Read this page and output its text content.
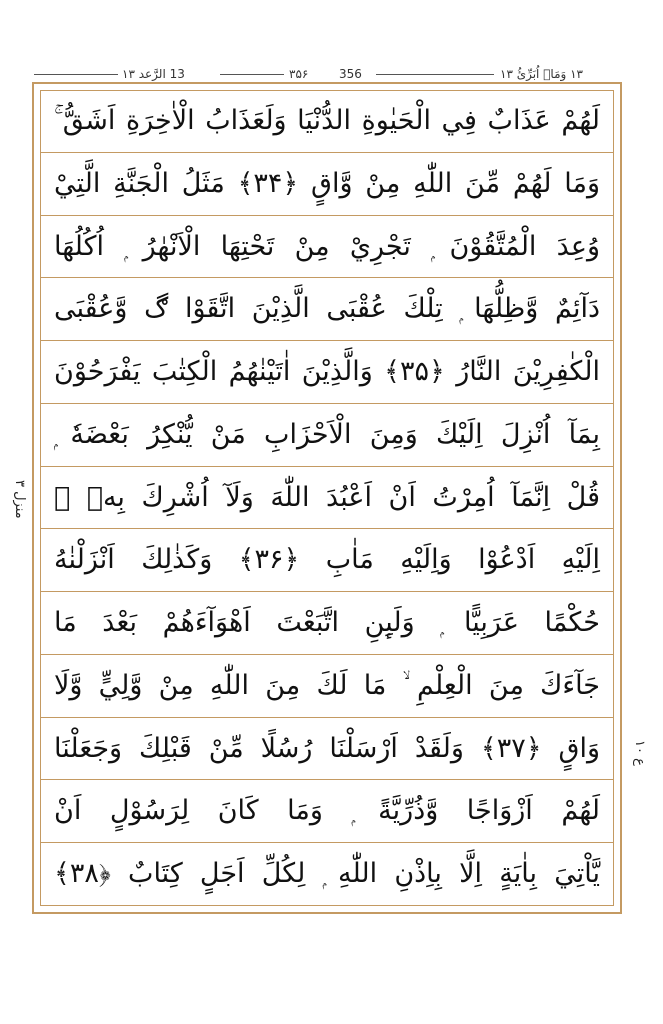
13 الرَّعد ۱۳	۳۵۶	356	۱۳ وَمَاۤ اُبَرِّئُ ۱۳
منزل ۳
ع ۱۰
لَهُمْ عَذَابٌ فِي الْحَيٰوةِ الدُّنْيَا وَلَعَذَابُ الْاٰخِرَةِ اَشَقُّ ۚ
وَمَا لَهُمْ مِّنَ اللّٰهِ مِنْ وَّاقٍ ﴿۳۴﴾ مَثَلُ الْجَنَّةِ الَّتِيْ
وُعِدَ الْمُتَّقُوْنَ ۭ تَجْرِيْ مِنْ تَحْتِهَا الْاَنْهٰرُ ۭ اُكُلُهَا
دَآئِمٌ وَّظِلُّهَا ۭ تِلْكَ عُقْبَى الَّذِيْنَ اتَّقَوْا ڰ وَّعُقْبَى
الْكٰفِرِيْنَ النَّارُ ﴿۳۵﴾ وَالَّذِيْنَ اٰتَيْنٰهُمُ الْكِتٰبَ يَفْرَحُوْنَ
بِمَآ اُنْزِلَ اِلَيْكَ وَمِنَ الْاَحْزَابِ مَنْ يُّنْكِرُ بَعْضَهٗ ۭ
قُلْ اِنَّمَآ اُمِرْتُ اَنْ اَعْبُدَ اللّٰهَ وَلَآ اُشْرِكَ بِهٖ ۭ
اِلَيْهِ اَدْعُوْا وَاِلَيْهِ مَاٰبِ ﴿۳۶﴾ وَكَذٰلِكَ اَنْزَلْنٰهُ
حُكْمًا عَرَبِيًّا ۭ وَلَىِٕنِ اتَّبَعْتَ اَهْوَآءَهُمْ بَعْدَ مَا
جَآءَكَ مِنَ الْعِلْمِ ۙ مَا لَكَ مِنَ اللّٰهِ مِنْ وَّلِيٍّ وَّلَا
وَاقٍ ﴿۳۷﴾ وَلَقَدْ اَرْسَلْنَا رُسُلًا مِّنْ قَبْلِكَ وَجَعَلْنَا
لَهُمْ اَزْوَاجًا وَّذُرِّيَّةً ۭ وَمَا كَانَ لِرَسُوْلٍ اَنْ
يَّاْتِيَ بِاٰيَةٍ اِلَّا بِاِذْنِ اللّٰهِ ۭ لِكُلِّ اَجَلٍ كِتَابٌ ﴿۳۸﴾
